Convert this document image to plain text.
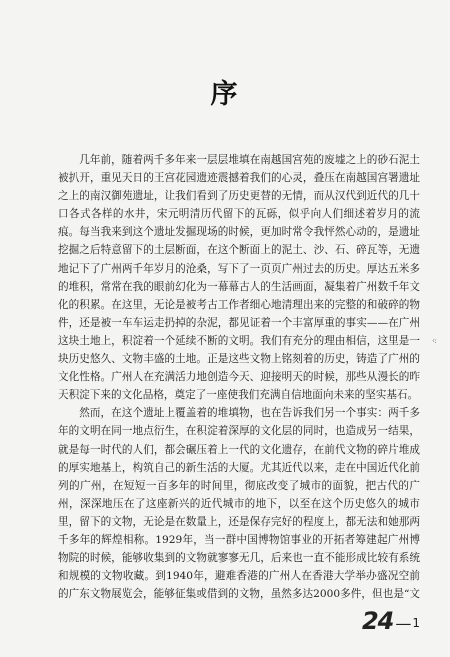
序

几年前，随着两千多年来一层层堆填在南越国宫苑的废墟之上的砂石泥土被扒开，重见天日的王宫花园遗迹震撼着我们的心灵，叠压在南越国宫署遗址之上的南汉御苑遗址，让我们看到了历史更替的无情，而从汉代到近代的几十口各式各样的水井，宋元明清历代留下的瓦砾，似乎向人们细述着岁月的流痕。每当我来到这个遗址发掘现场的时候，更加时常令我怦然心动的，是遗址挖掘之后特意留下的土层断面，在这个断面上的泥土、沙、石、碎瓦等，无遗地记下了广州两千年岁月的沧桑，写下了一页页广州过去的历史。厚达五米多的堆积，常常在我的眼前幻化为一幕幕古人的生活画面，凝集着广州数千年文化的积累。在这里，无论是被考古工作者细心地清理出来的完整的和破碎的物件，还是被一车车运走扔掉的杂泥，都见证着一个丰富厚重的事实——在广州这块土地上，积淀着一个延续不断的文明。我们有充分的理由相信，这里是一块历史悠久、文物丰盛的土地。正是这些文物上铭刻着的历史，铸造了广州的文化性格。广州人在充满活力地创造今天、迎接明天的时候，那些从漫长的昨天积淀下来的文化品格，奠定了一座使我们充满自信地面向未来的坚实基石。

然而，在这个遗址上覆盖着的堆填物，也在告诉我们另一个事实：两千多年的文明在同一地点衍生，在积淀着深厚的文化层的同时，也造成另一结果，就是每一时代的人们，都会碾压着上一代的文化遗存，在前代文物的碎片堆成的厚实地基上，构筑自己的新生活的大厦。尤其近代以来，走在中国近代化前列的广州，在短短一百多年的时间里，彻底改变了城市的面貌，把古代的广州，深深地压在了这座新兴的近代城市的地下，以至在这个历史悠久的城市里，留下的文物，无论是在数量上，还是保存完好的程度上，都无法和她那两千多年的辉煌相称。1929年，当一群中国博物馆事业的开拓者筹建起广州博物院的时候，能够收集到的文物就寥寥无几，后来也一直不能形成比较有系统和规模的文物收藏。到1940年，避难香港的广州人在香港大学举办盛况空前的广东文物展览会，能够征集或借到的文物，虽然多达2000多件，但也是“文

‹:
24 —1
